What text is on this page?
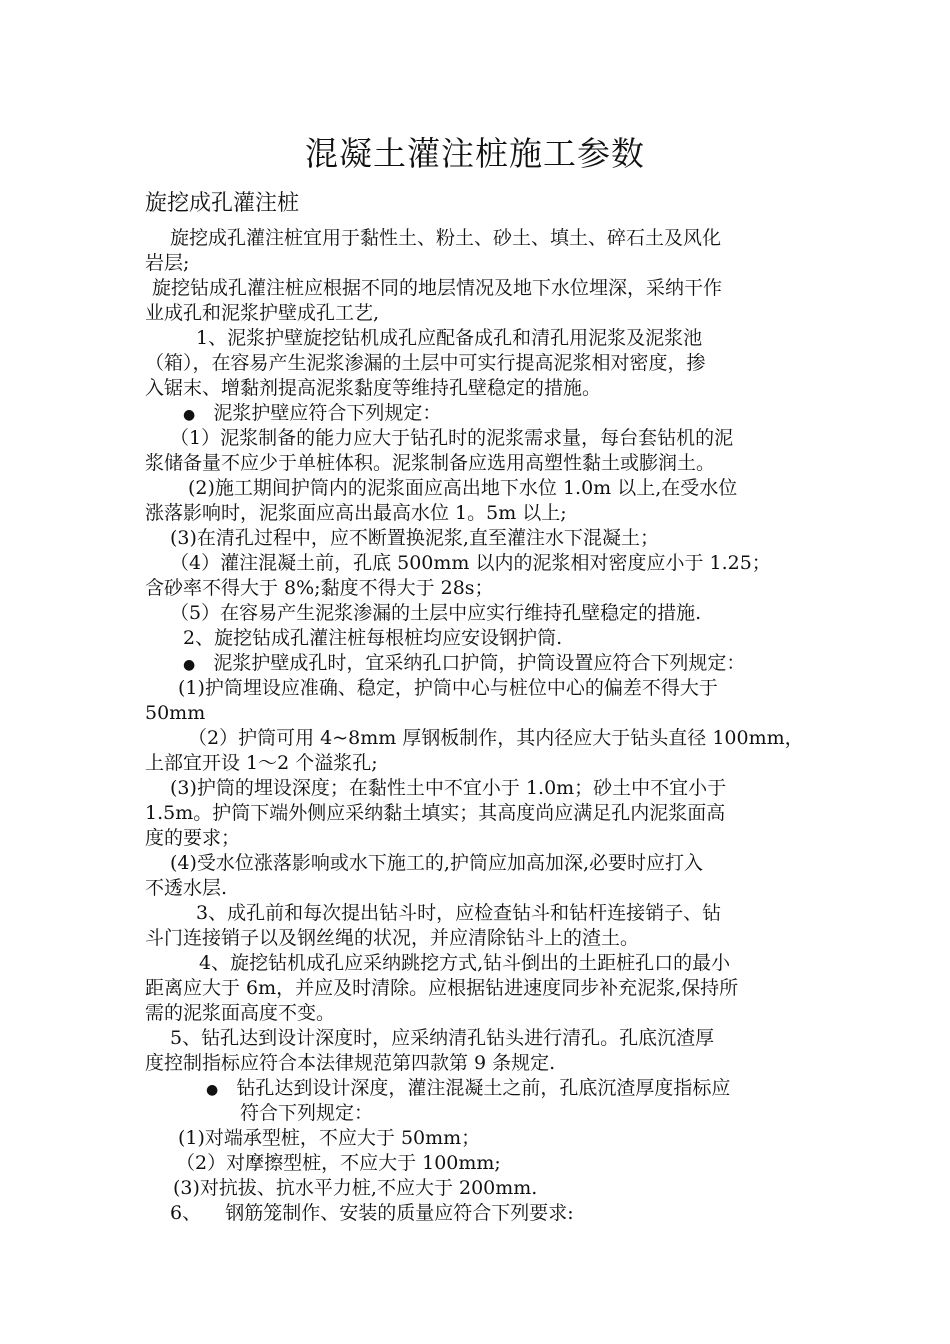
混凝土灌注桩施工参数
旋挖成孔灌注桩
旋挖成孔灌注桩宜用于黏性土、粉土、砂土、填土、碎石土及风化
岩层;
旋挖钻成孔灌注桩应根据不同的地层情况及地下水位埋深，采纳干作
业成孔和泥浆护壁成孔工艺,
1、泥浆护壁旋挖钻机成孔应配备成孔和清孔用泥浆及泥浆池
（箱），在容易产生泥浆渗漏的土层中可实行提高泥浆相对密度，掺
入锯末、增黏剂提高泥浆黏度等维持孔壁稳定的措施。
● 泥浆护壁应符合下列规定：
（1）泥浆制备的能力应大于钻孔时的泥浆需求量，每台套钻机的泥
浆储备量不应少于单桩体积。泥浆制备应选用高塑性黏土或膨润土。
(2)施工期间护筒内的泥浆面应高出地下水位 1.0m 以上,在受水位
涨落影响时，泥浆面应高出最高水位 1。5m 以上;
(3)在清孔过程中，应不断置换泥浆,直至灌注水下混凝土；
（4）灌注混凝土前，孔底 500mm 以内的泥浆相对密度应小于 1.25；
含砂率不得大于 8%;黏度不得大于 28s；
（5）在容易产生泥浆渗漏的土层中应实行维持孔壁稳定的措施.
2、旋挖钻成孔灌注桩每根桩均应安设钢护筒.
● 泥浆护壁成孔时，宜采纳孔口护筒，护筒设置应符合下列规定：
(1)护筒埋设应准确、稳定，护筒中心与桩位中心的偏差不得大于
50mm
（2）护筒可用 4~8mm 厚钢板制作，其内径应大于钻头直径 100mm，
上部宜开设 1～2 个溢浆孔;
(3)护筒的埋设深度；在黏性土中不宜小于 1.0m；砂土中不宜小于
1.5m。护筒下端外侧应采纳黏土填实；其高度尚应满足孔内泥浆面高
度的要求；
(4)受水位涨落影响或水下施工的,护筒应加高加深,必要时应打入
不透水层.
3、成孔前和每次提出钻斗时，应检查钻斗和钻杆连接销子、钻
斗门连接销子以及钢丝绳的状况，并应清除钻斗上的渣土。
4、旋挖钻机成孔应采纳跳挖方式,钻斗倒出的土距桩孔口的最小
距离应大于 6m，并应及时清除。应根据钻进速度同步补充泥浆,保持所
需的泥浆面高度不变。
5、钻孔达到设计深度时，应采纳清孔钻头进行清孔。孔底沉渣厚
度控制指标应符合本法律规范第四款第 9 条规定.
● 钻孔达到设计深度，灌注混凝土之前，孔底沉渣厚度指标应
符合下列规定：
(1)对端承型桩，不应大于 50mm；
（2）对摩擦型桩，不应大于 100mm;
(3)对抗拔、抗水平力桩,不应大于 200mm.
6、    钢筋笼制作、安装的质量应符合下列要求:
